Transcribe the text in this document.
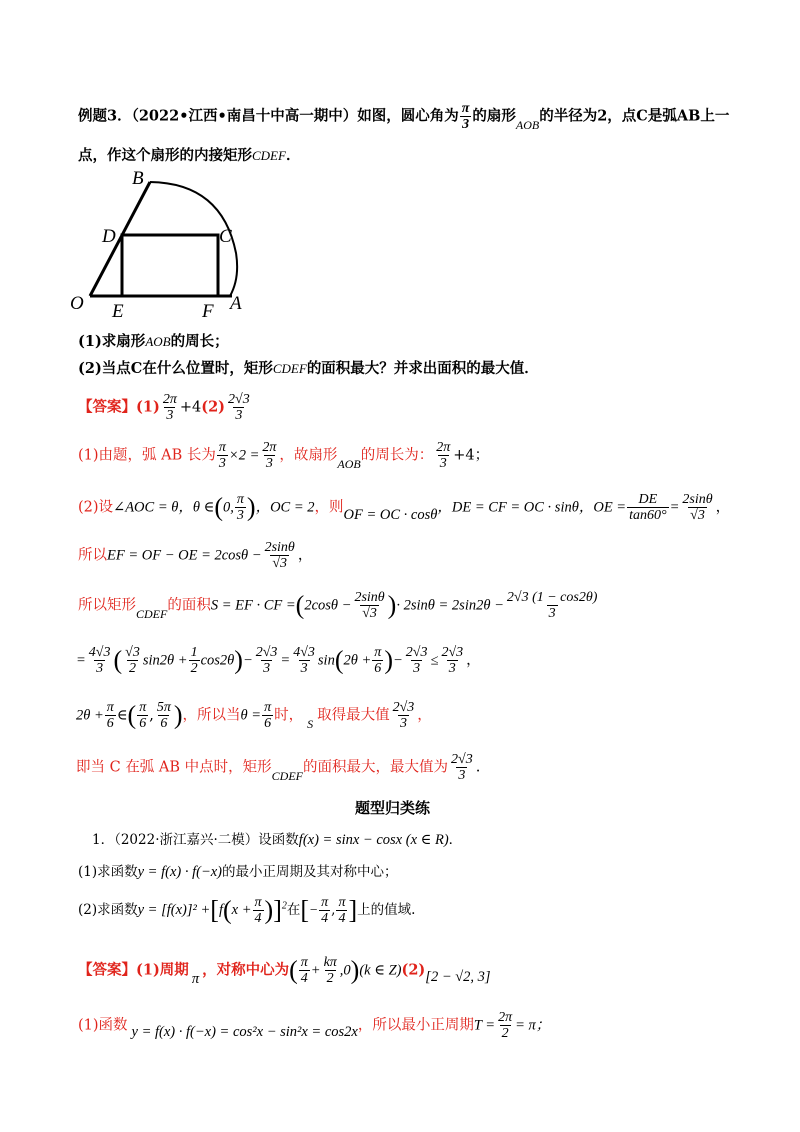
例题3．（2022•江西•南昌十中高一期中）如图，圆心角为 $\frac{\pi}{3}$ 的扇形$_{AOB}$的半径为2，点C是弧AB上一
点，作这个扇形的内接矩形CDEF．
B
D	C
O E	F A
(1)求扇形AOB的周长；
(2)当点C在什么位置时，矩形CDEF的面积最大？并求出面积的最大值．
【答案】$(1) \frac{2\pi}{3} +4(2) \frac{2√3}{3}$
(1)由题，弧 AB 长为 $\frac{\pi}{3} \times 2 = \frac{2\pi}{3}$ ，故扇形$_{AOB}$的周长为： $\frac{2\pi}{3} +4$；
(2)设∠AOC = θ，θ ∈(0, $\frac{\pi}{3}$ )，OC = 2，则OF = OC · cosθ，DE = CF = OC · sinθ，OE = $\frac{DE}{\tan 60^\circ} = \frac{2\sin\theta}{√3}$ ，
所以EF = OF − OE = $2\cos\theta - \frac{2\sin\theta}{√3}$ ，
所以矩形$_{CDEF}$的面积S = EF · CF $=(2\cos\theta - \frac{2\sin\theta}{√3}$ )· $2\sin\theta = 2\sin 2\theta - \frac{2√3 (1 - \cos 2\theta)}{3}$
= $\frac{4√3}{3}$ ( $\frac{√3}{2} \sin 2\theta + \frac{1}{2} \cos 2\theta)- \frac{2√3}{3} = \frac{4√3}{3} \sin(2\theta + \frac{\pi}{6}$ )− $\frac{2√3}{3} \le \frac{2√3}{3}$ ，
$2\theta + \frac{\pi}{6}$ ∈( $\frac{\pi}{6}$ , $\frac{5\pi}{6}$ )，所以当$\theta = \frac{\pi}{6}$ 时， $_S$ 取得最大值 $\frac{2√3}{3}$ ，
即当 C 在弧 AB 中点时，矩形$_{CDEF}$的面积最大，最大值为 $\frac{2√3}{3}$ .
题型归类练
1．（2022·浙江嘉兴·二模）设函数f(x) = sinx − cosx (x ∈ R)．
(1)求函数y = f(x) · f(−x)的最小正周期及其对称中心；
(2)求函数$y = [f(x)]^2 +[f(x + \frac{\pi}{4} )]^2$在[− $\frac{\pi}{4}$ , $\frac{\pi}{4}$ ]上的值域.
【答案】(1)周期 π ，对称中心为( $\frac{\pi}{4} + \frac{k\pi}{2} ,0)(k$ ∈ Z)(2)[2 − √2, 3]
(1)函数 y = f(x) · f(−x) = cos²x − sin²x = cos2x，所以最小正周期$T = \frac{2\pi}{2} = \pi$；
